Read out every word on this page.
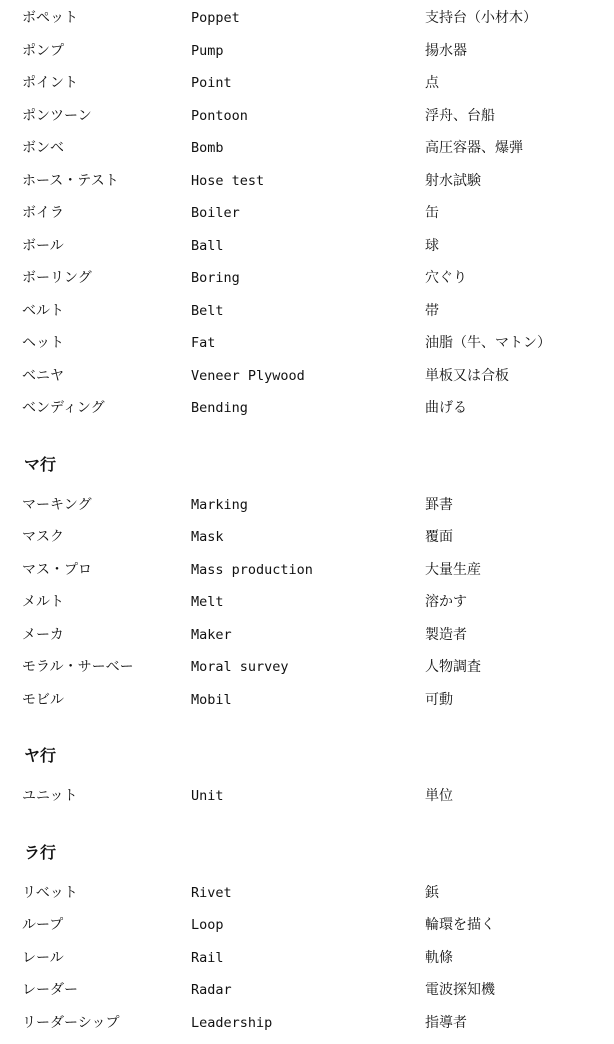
ボペット	Poppet	支持台（小材木）
ポンプ	Pump	揚水器
ポイント	Point	点
ポンツーン	Pontoon	浮舟、台船
ボンベ	Bomb	高圧容器、爆弾
ホース・テスト	Hose test	射水試験
ボイラ	Boiler	缶
ボール	Ball	球
ボーリング	Boring	穴ぐり
ベルト	Belt	帯
ヘット	Fat	油脂（牛、マトン）
ベニヤ	Veneer Plywood	単板又は合板
ベンディング	Bending	曲げる
マ行
マーキング	Marking	罫書
マスク	Mask	覆面
マス・プロ	Mass production	大量生産
メルト	Melt	溶かす
メーカ	Maker	製造者
モラル・サーベー	Moral survey	人物調査
モビル	Mobil	可動
ヤ行
ユニット	Unit	単位
ラ行
リベット	Rivet	鋲
ループ	Loop	輪環を描く
レール	Rail	軌條
レーダー	Radar	電波探知機
リーダーシップ	Leadership	指導者
